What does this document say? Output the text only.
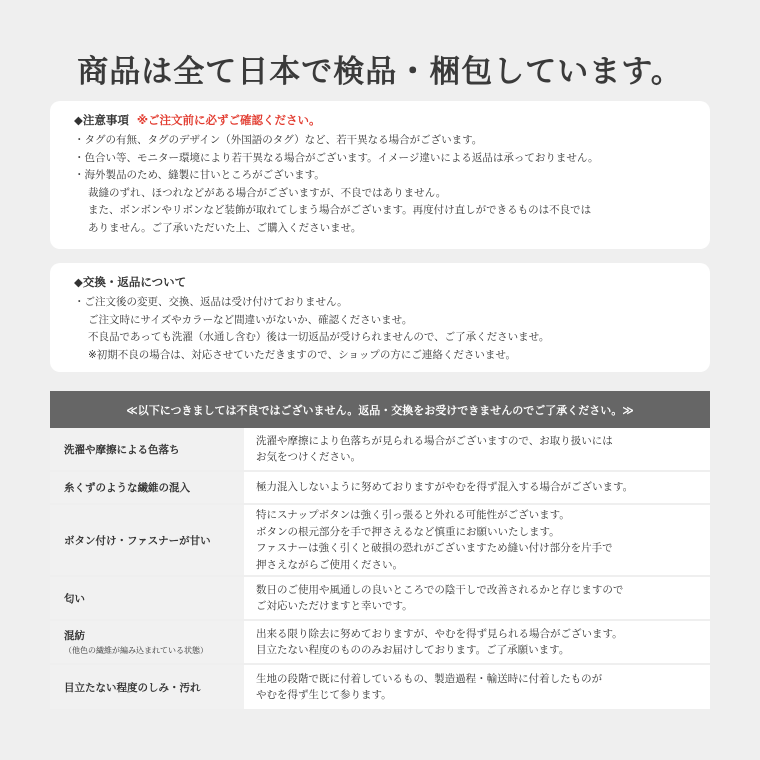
商品は全て日本で検品・梱包しています。
◆注意事項 ※ご注文前に必ずご確認ください。
・タグの有無、タグのデザイン（外国語のタグ）など、若干異なる場合がございます。
・色合い等、モニター環境により若干異なる場合がございます。イメージ違いによる返品は承っておりません。
・海外製品のため、縫製に甘いところがございます。
裁縫のずれ、ほつれなどがある場合がございますが、不良ではありません。
また、ボンボンやリボンなど装飾が取れてしまう場合がございます。再度付け直しができるものは不良では
ありません。ご了承いただいた上、ご購入くださいませ。
◆交換・返品について
・ご注文後の変更、交換、返品は受け付けておりません。
ご注文時にサイズやカラーなど間違いがないか、確認くださいませ。
不良品であっても洗濯（水通し含む）後は一切返品が受けられませんので、ご了承くださいませ。
※初期不良の場合は、対応させていただきますので、ショップの方にご連絡くださいませ。
≪以下につきましては不良ではございません。返品・交換をお受けできませんのでご了承ください。≫
洗濯や摩擦による色落ち
洗濯や摩擦により色落ちが見られる場合がございますので、お取り扱いには
お気をつけください。
糸くずのような繊維の混入	極力混入しないように努めておりますがやむを得ず混入する場合がございます。
ボタン付け・ファスナーが甘い
特にスナップボタンは強く引っ張ると外れる可能性がございます。
ボタンの根元部分を手で押さえるなど慎重にお願いいたします。
ファスナーは強く引くと破損の恐れがございますため縫い付け部分を片手で
押さえながらご使用ください。
匂い
数日のご使用や風通しの良いところでの陰干しで改善されるかと存じますので
ご対応いただけますと幸いです。
混紡
（他色の繊維が編み込まれている状態）
出来る限り除去に努めておりますが、やむを得ず見られる場合がございます。
目立たない程度のもののみお届けしております。ご了承願います。
目立たない程度のしみ・汚れ
生地の段階で既に付着しているもの、製造過程・輸送時に付着したものが
やむを得ず生じて参ります。
